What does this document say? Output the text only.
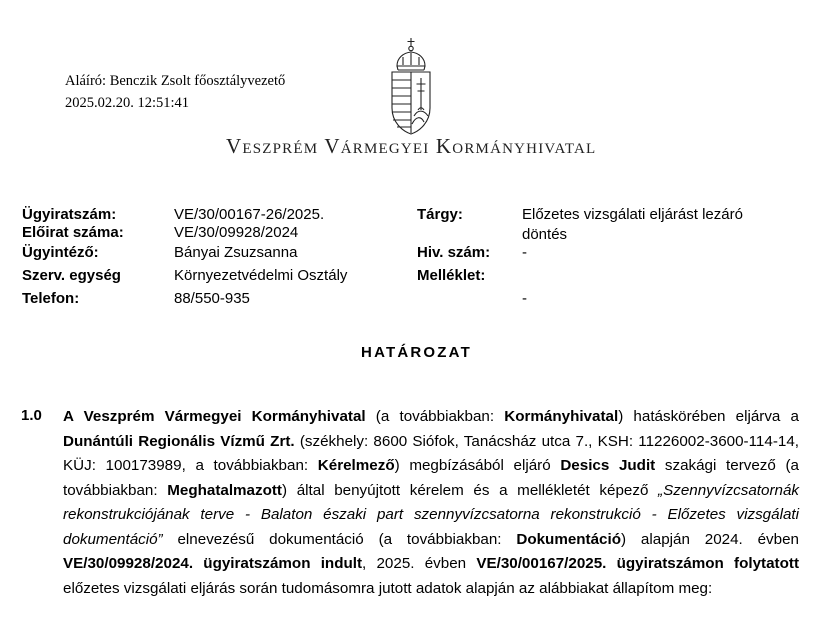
Aláíró: Benczik Zsolt főosztályvezető
2025.02.20. 12:51:41
Veszprém Vármegyei Kormányhivatal
Ügyiratszám:	VE/30/00167-26/2025.
Előirat száma:	VE/30/09928/2024
Ügyintéző:	Bányai Zsuzsanna
Szerv. egység	Környezetvédelmi Osztály
Telefon:	88/550-935
Tárgy:	Előzetes vizsgálati eljárást lezáró
döntés
Hiv. szám: -
Melléklet:
-
HATÁROZAT
1.0 A Veszprém Vármegyei Kormányhivatal (a továbbiakban: Kormányhivatal) hatáskörében eljárva a Dunántúli Regionális Vízmű Zrt. (székhely: 8600 Siófok, Tanácsház utca 7., KSH: 11226002-3600-114-14, KÜJ: 100173989, a továbbiakban: Kérelmező) megbízásából eljáró Desics Judit szakági tervező (a továbbiakban: Meghatalmazott) által benyújtott kérelem és a mellékletét képező „Szennyvízcsatornák rekonstrukciójának terve - Balaton északi part szennyvízcsatorna rekonstrukció - Előzetes vizsgálati dokumentáció” elnevezésű dokumentáció (a továbbiakban: Dokumentáció) alapján 2024. évben VE/30/09928/2024. ügyiratszámon indult, 2025. évben VE/30/00167/2025. ügyiratszámon folytatott előzetes vizsgálati eljárás során tudomásomra jutott adatok alapján az alábbiakat állapítom meg:
